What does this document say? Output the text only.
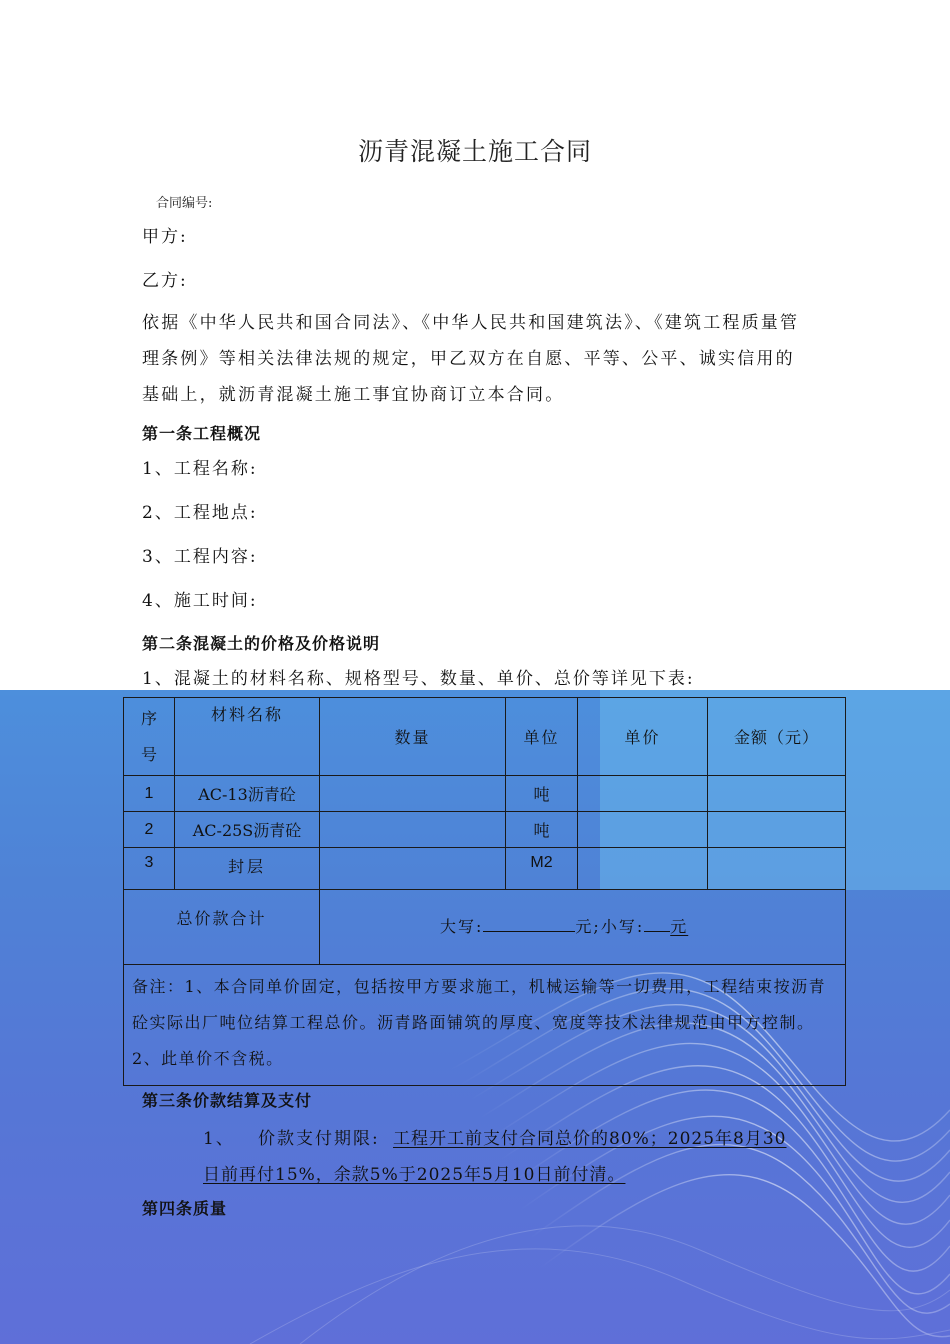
沥青混凝土施工合同
合同编号:
甲方:
乙方:
依据《中华人民共和国合同法》、《中华人民共和国建筑法》、《建筑工程质量管理条例》等相关法律法规的规定，甲乙双方在自愿、平等、公平、诚实信用的基础上，就沥青混凝土施工事宜协商订立本合同。
第一条工程概况
1、工程名称:
2、工程地点:
3、工程内容:
4、施工时间:
第二条混凝土的价格及价格说明
1、混凝土的材料名称、规格型号、数量、单价、总价等详见下表:
序号	材料名称	数量	单位	单价	金额（元）
1	AC-13沥青砼		吨		
2	AC-25S沥青砼		吨		
3	封层		M2		
总价款合计		大写: 元;小写: 元			

备注：1、本合同单价固定，包括按甲方要求施工，机械运输等一切费用，工程结束按沥青砼实际出厂吨位结算工程总价。沥青路面铺筑的厚度、宽度等技术法律规范由甲方控制。
2、此单价不含税。					
第三条价款结算及支付
1、 价款支付期限: 工程开工前支付合同总价的80%；2025年8月30
日前再付15%，余款5%于2025年5月10日前付清。
第四条质量
